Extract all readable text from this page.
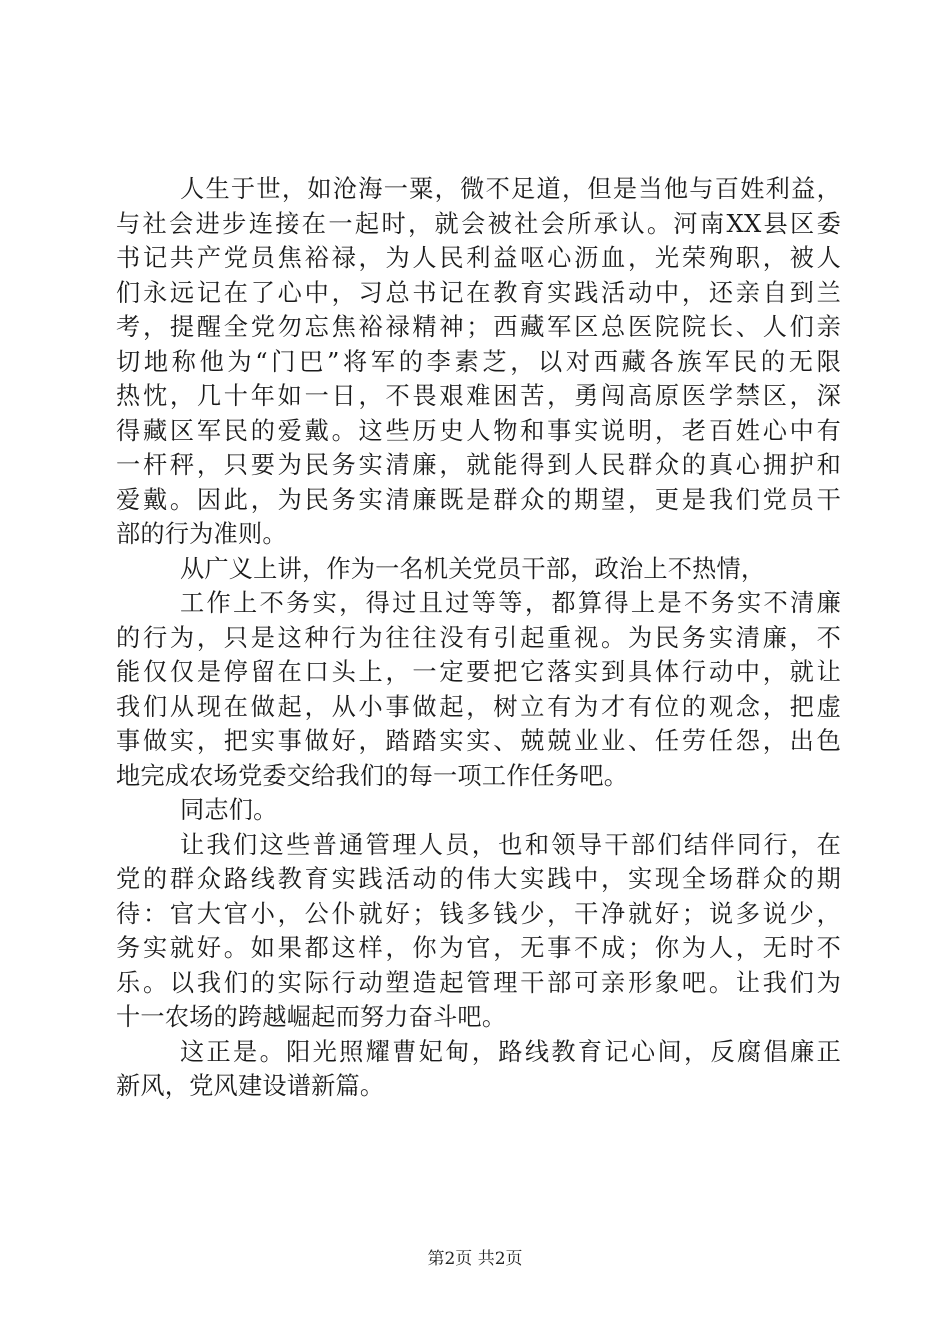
人生于世，如沧海一粟，微不足道，但是当他与百姓利益，
与社会进步连接在一起时，就会被社会所承认。河南XX县区委
书记共产党员焦裕禄，为人民利益呕心沥血，光荣殉职，被人
们永远记在了心中，习总书记在教育实践活动中，还亲自到兰
考，提醒全党勿忘焦裕禄精神；西藏军区总医院院长、人们亲
切地称他为“门巴”将军的李素芝，以对西藏各族军民的无限
热忱，几十年如一日，不畏艰难困苦，勇闯高原医学禁区，深
得藏区军民的爱戴。这些历史人物和事实说明，老百姓心中有
一杆秤，只要为民务实清廉，就能得到人民群众的真心拥护和
爱戴。因此，为民务实清廉既是群众的期望，更是我们党员干
部的行为准则。
从广义上讲，作为一名机关党员干部，政治上不热情，
工作上不务实，得过且过等等，都算得上是不务实不清廉
的行为，只是这种行为往往没有引起重视。为民务实清廉，不
能仅仅是停留在口头上，一定要把它落实到具体行动中，就让
我们从现在做起，从小事做起，树立有为才有位的观念，把虚
事做实，把实事做好，踏踏实实、兢兢业业、任劳任怨，出色
地完成农场党委交给我们的每一项工作任务吧。
同志们。
让我们这些普通管理人员，也和领导干部们结伴同行，在
党的群众路线教育实践活动的伟大实践中，实现全场群众的期
待：官大官小，公仆就好；钱多钱少，干净就好；说多说少，
务实就好。如果都这样，你为官，无事不成；你为人，无时不
乐。以我们的实际行动塑造起管理干部可亲形象吧。让我们为
十一农场的跨越崛起而努力奋斗吧。
这正是。阳光照耀曹妃甸，路线教育记心间，反腐倡廉正
新风，党风建设谱新篇。
第2页 共2页
